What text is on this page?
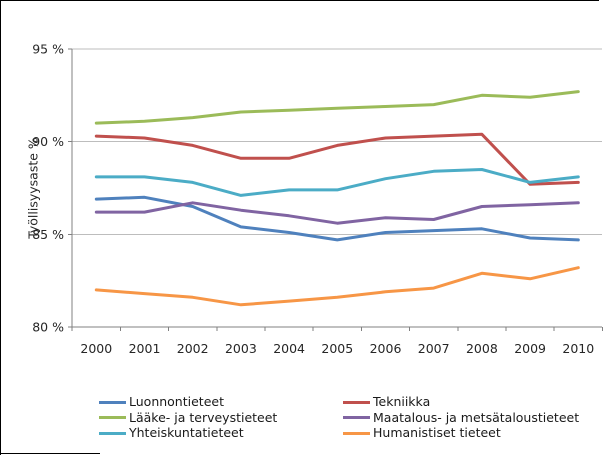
95 %
90 %
85 %
80 %
2000 2001 2002 2003 2004 2005 2006 2007 2008 2009 2010
Työllisyysaste %
Luonnontieteet
Lääke- ja terveystieteet
Yhteiskuntatieteet
Tekniikka
Maatalous- ja metsätaloustieteet
Humanistiset tieteet
